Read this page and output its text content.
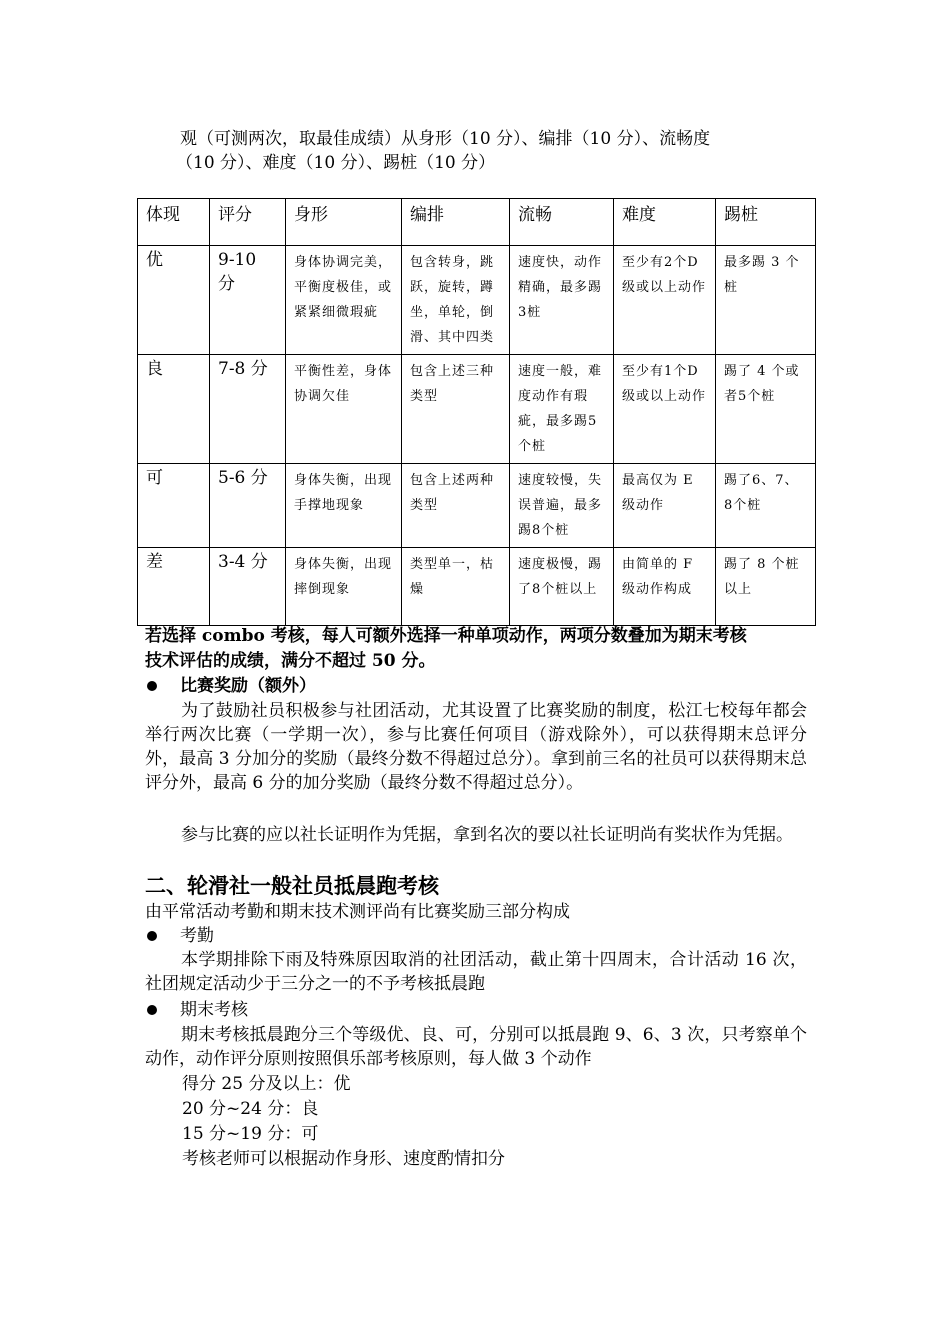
观（可测两次，取最佳成绩）从身形（10 分）、编排（10 分）、流畅度
（10 分）、难度（10 分）、踢桩（10 分）
体现	评分	身形	编排	流畅	难度	踢桩
优	9-10 分	身体协调完美，平衡度极佳，或紧紧细微瑕疵	包含转身，跳跃，旋转，蹲坐，单轮，倒滑、其中四类	速度快，动作精确，最多踢3桩	至少有2个D级或以上动作	最多踢 3 个桩
良	7-8 分	平衡性差，身体协调欠佳	包含上述三种类型	速度一般，难度动作有瑕疵，最多踢5个桩	至少有1个D级或以上动作	踢了 4 个或者5个桩
可	5-6 分	身体失衡，出现手撑地现象	包含上述两种类型	速度较慢，失误普遍，最多踢8个桩	最高仅为 E 级动作	踢了6、7、8个桩
差	3-4 分	身体失衡，出现摔倒现象	类型单一，枯燥	速度极慢，踢了8个桩以上	由简单的 F 级动作构成	踢了 8 个桩以上
若选择 combo 考核，每人可额外选择一种单项动作，两项分数叠加为期末考核
技术评估的成绩，满分不超过 50 分。
比赛奖励（额外）
为了鼓励社员积极参与社团活动，尤其设置了比赛奖励的制度，松江七校每年都会举行两次比赛（一学期一次），参与比赛任何项目（游戏除外），可以获得期末总评分外，最高 3 分加分的奖励（最终分数不得超过总分）。拿到前三名的社员可以获得期末总评分外，最高 6 分的加分奖励（最终分数不得超过总分）。
参与比赛的应以社长证明作为凭据，拿到名次的要以社长证明尚有奖状作为凭据。
二、轮滑社一般社员抵晨跑考核
由平常活动考勤和期末技术测评尚有比赛奖励三部分构成
考勤
本学期排除下雨及特殊原因取消的社团活动，截止第十四周末，合计活动 16 次，社团规定活动少于三分之一的不予考核抵晨跑
期末考核
期末考核抵晨跑分三个等级优、良、可，分别可以抵晨跑 9、6、3 次，只考察单个动作，动作评分原则按照俱乐部考核原则，每人做 3 个动作
得分 25 分及以上：优
20 分~24 分：良
15 分~19 分：可
考核老师可以根据动作身形、速度酌情扣分
